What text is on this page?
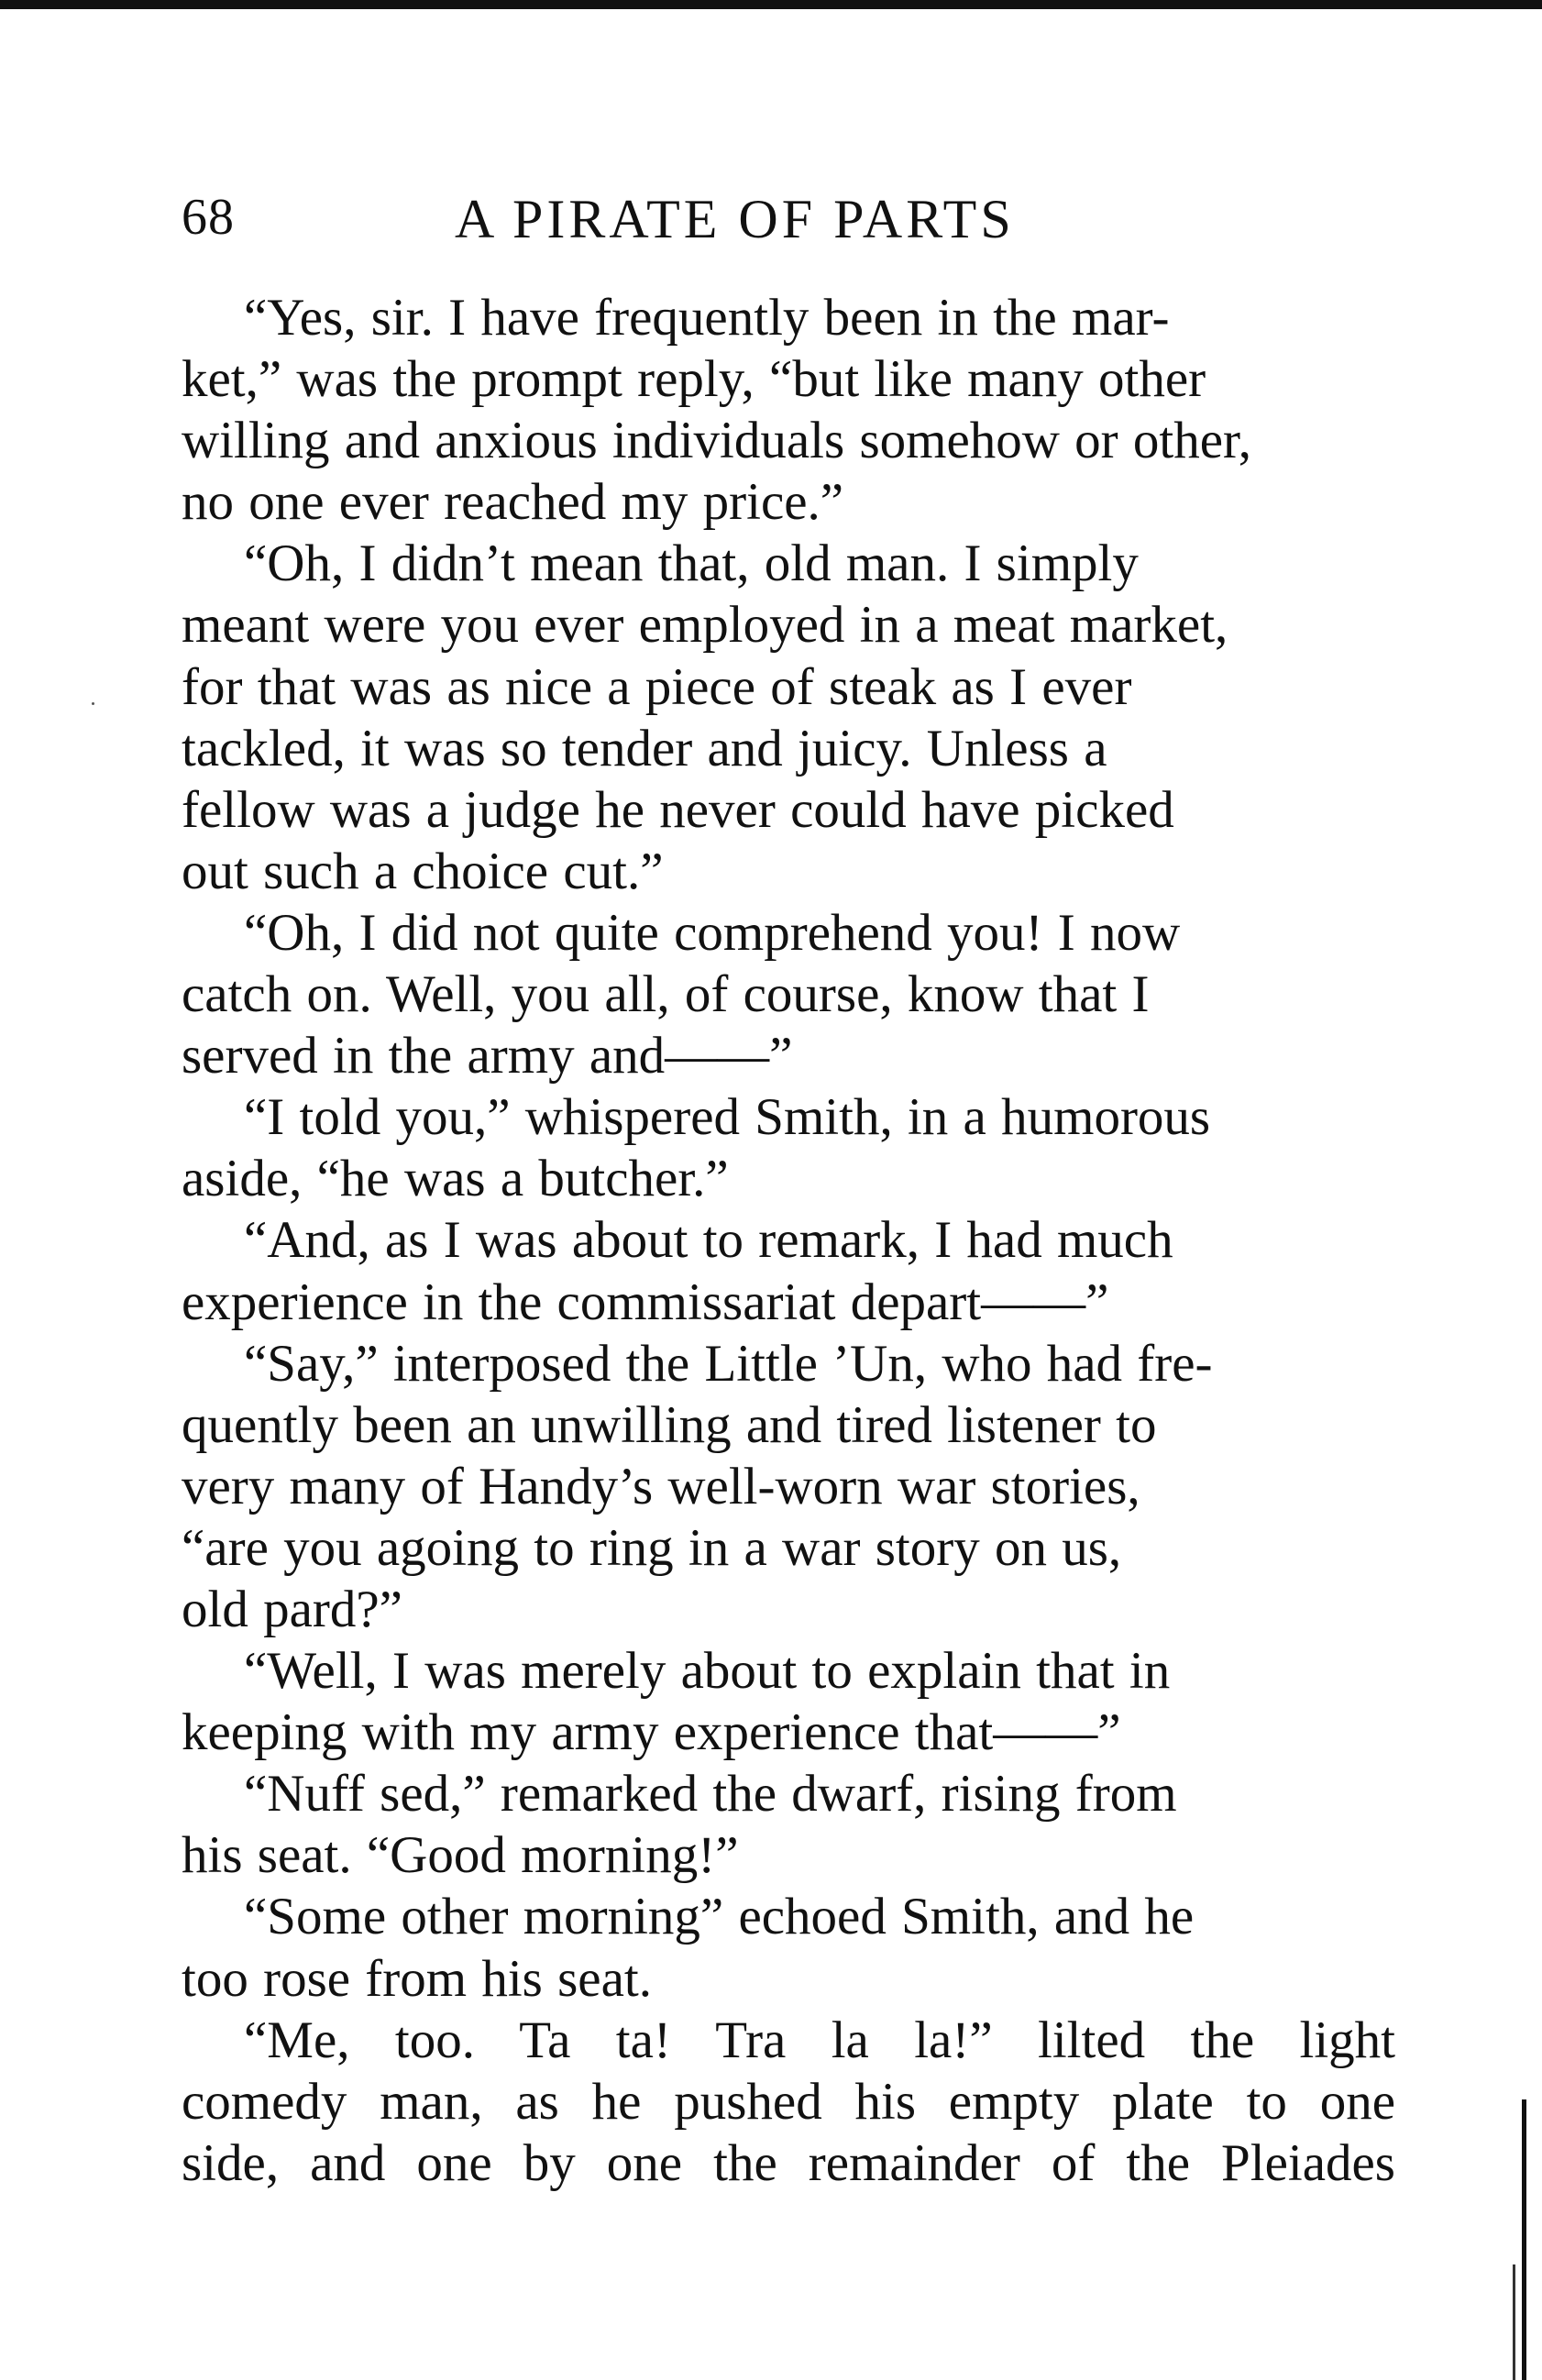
68	A PIRATE OF PARTS

“Yes, sir. I have frequently been in the mar-
ket,” was the prompt reply, “but like many other
willing and anxious individuals somehow or other,
no one ever reached my price.”

“Oh, I didn’t mean that, old man. I simply
meant were you ever employed in a meat market,
for that was as nice a piece of steak as I ever
tackled, it was so tender and juicy. Unless a
fellow was a judge he never could have picked
out such a choice cut.”

“Oh, I did not quite comprehend you! I now
catch on. Well, you all, of course, know that I
served in the army and——”

“I told you,” whispered Smith, in a humorous
aside, “he was a butcher.”

“And, as I was about to remark, I had much
experience in the commissariat depart——”

“Say,” interposed the Little ’Un, who had fre-
quently been an unwilling and tired listener to
very many of Handy’s well-worn war stories,
“are you agoing to ring in a war story on us,
old pard?”

“Well, I was merely about to explain that in
keeping with my army experience that——”

“Nuff sed,” remarked the dwarf, rising from
his seat. “Good morning!”

“Some other morning” echoed Smith, and he
too rose from his seat.

“Me, too. Ta ta! Tra la la!” lilted the light
comedy man, as he pushed his empty plate to one
side, and one by one the remainder of the Pleiades
